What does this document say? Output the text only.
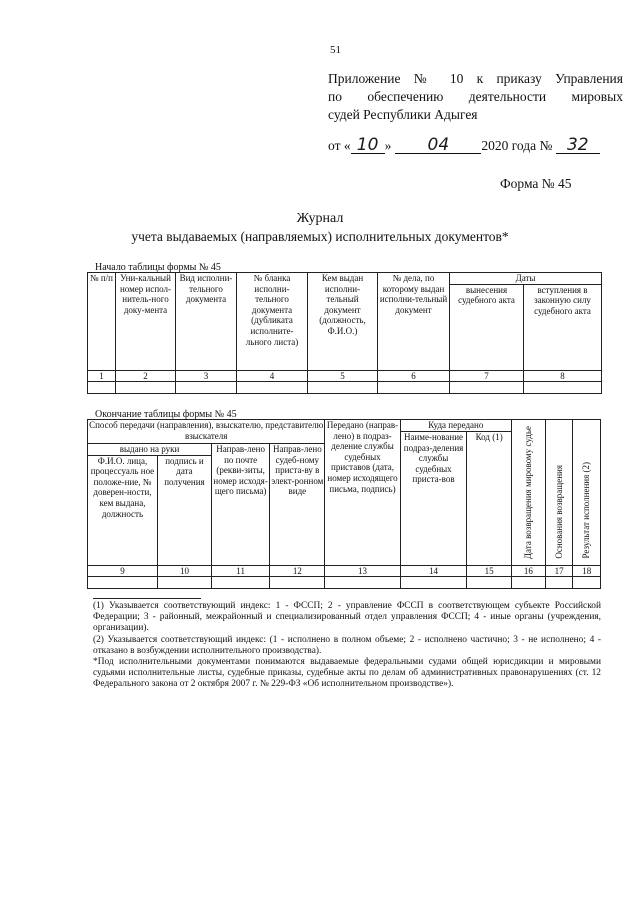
51
Приложение № 10 к приказу Управления
по обеспечению деятельности мировых
судей Республики Адыгея
от « 10 » 04 2020 года № 32
Форма № 45
Журнал
учета выдаваемых (направляемых) исполнительных документов*
Начало таблицы формы № 45
№ п/п	Уни-кальный номер испол-нитель-ного доку-мента	Вид исполни-тельного документа	№ бланка исполни-тельного документа (дубликата исполните-льного листа)	Кем выдан исполни-тельный документ (должность, Ф.И.О.)	№ дела, по которому выдан исполни-тельный документ	Даты	
						вынесения судебного акта	вступления в законную силу судебного акта
1	2	3	4	5	6	7	8

Окончание таблицы формы № 45
Способ передачи (направления), взыскателю, представителю взыскателя				Передано (направ-лено) в подраз-деление службы судебных приставов (дата, номер исходящего письма, подпись)	Куда передано		Дата возвращения мировому судье	Основания возвращения	Результат исполнения (2)
					Наиме-нование подраз-деления службы судебных приста-вов	Код (1)			
выдано на руки		Направ-лено по почте (рекви-зиты, номер исходя-щего письма)	Направ-лено судеб-ному приста-ву в элект-ронном виде						
Ф.И.О. лица, процессуаль ное положе-ние, № доверен-ности, кем выдана, должность	подпись и дата получения								
9	10	11	12	13	14	15	16	17	18

(1) Указывается соответствующий индекс: 1 - ФССП; 2 - управление ФССП в соответствующем субъекте Российской Федерации; 3 - районный, межрайонный и специализированный отдел управления ФССП; 4 - иные органы (учреждения, организации).

(2) Указывается соответствующий индекс: (1 - исполнено в полном объеме; 2 - исполнено частично; 3 - не исполнено; 4 - отказано в возбуждении исполнительного производства).

*Под исполнительными документами понимаются выдаваемые федеральными судами общей юрисдикции и мировыми судьями исполнительные листы, судебные приказы, судебные акты по делам об административных правонарушениях (ст. 12 Федерального закона от 2 октября 2007 г. № 229-ФЗ «Об исполнительном производстве»).
